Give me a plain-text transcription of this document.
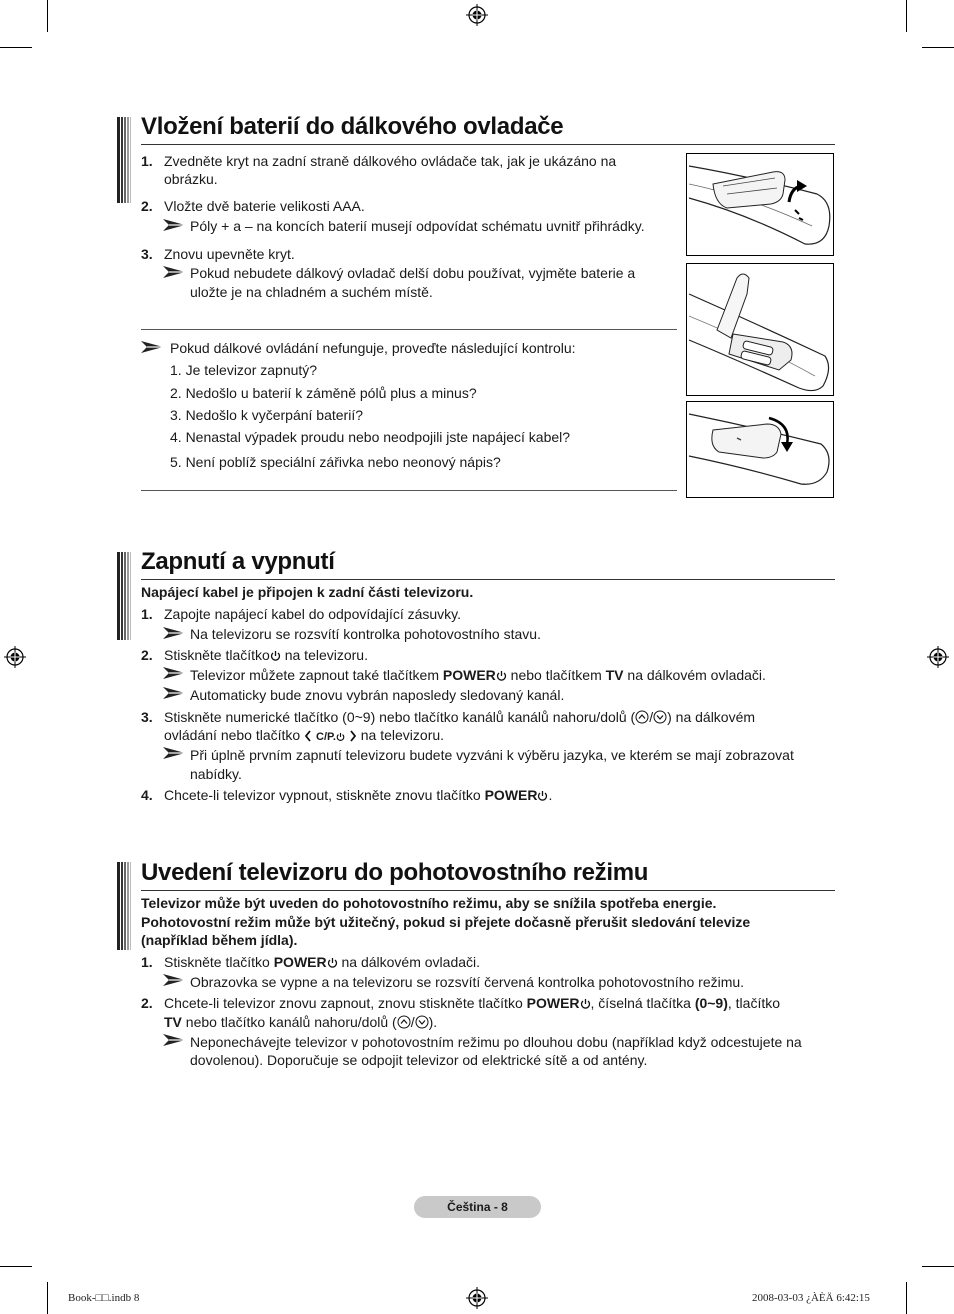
Vložení baterií do dálkového ovladače
1. Zvedněte kryt na zadní straně dálkového ovládače tak, jak je ukázáno na
obrázku.
2. Vložte dvě baterie velikosti AAA.
Póly + a – na koncích baterií musejí odpovídat schématu uvnitř přihrádky.
3. Znovu upevněte kryt.
Pokud nebudete dálkový ovladač delší dobu používat, vyjměte baterie a
uložte je na chladném a suchém místě.
Pokud dálkové ovládání nefunguje, proveďte následující kontrolu:
1. Je televizor zapnutý?
2. Nedošlo u baterií k záměně pólů plus a minus?
3. Nedošlo k vyčerpání baterií?
4. Nenastal výpadek proudu nebo neodpojili jste napájecí kabel?
5. Není poblíž speciální zářivka nebo neonový nápis?
Zapnutí a vypnutí
Napájecí kabel je připojen k zadní části televizoru.
1. Zapojte napájecí kabel do odpovídající zásuvky.
Na televizoru se rozsvítí kontrolka pohotovostního stavu.
2. Stiskněte tlačítko na televizoru.
Televizor můžete zapnout také tlačítkem POWER nebo tlačítkem TV na dálkovém ovladači.
Automaticky bude znovu vybrán naposledy sledovaný kanál.
3. Stiskněte numerické tlačítko (0~9) nebo tlačítko kanálů kanálů nahoru/dolů ( / ) na dálkovém
ovládání nebo tlačítko C/P.  na televizoru.
Při úplně prvním zapnutí televizoru budete vyzváni k výběru jazyka, ve kterém se mají zobrazovat
nabídky.
4. Chcete-li televizor vypnout, stiskněte znovu tlačítko POWER .
Uvedení televizoru do pohotovostního režimu
Televizor může být uveden do pohotovostního režimu, aby se snížila spotřeba energie.
Pohotovostní režim může být užitečný, pokud si přejete dočasně přerušit sledování televize
(například během jídla).
1. Stiskněte tlačítko POWER na dálkovém ovladači.
Obrazovka se vypne a na televizoru se rozsvítí červená kontrolka pohotovostního režimu.
2. Chcete-li televizor znovu zapnout, znovu stiskněte tlačítko POWER , číselná tlačítka (0~9), tlačítko
TV nebo tlačítko kanálů nahoru/dolů ( / ).
Neponechávejte televizor v pohotovostním režimu po dlouhou dobu (například když odcestujete na
dovolenou). Doporučuje se odpojit televizor od elektrické sítě a od antény.
Čeština - 8
Book-□□.indb 8	2008-03-03 ¿ÀÈÄ 6:42:15
